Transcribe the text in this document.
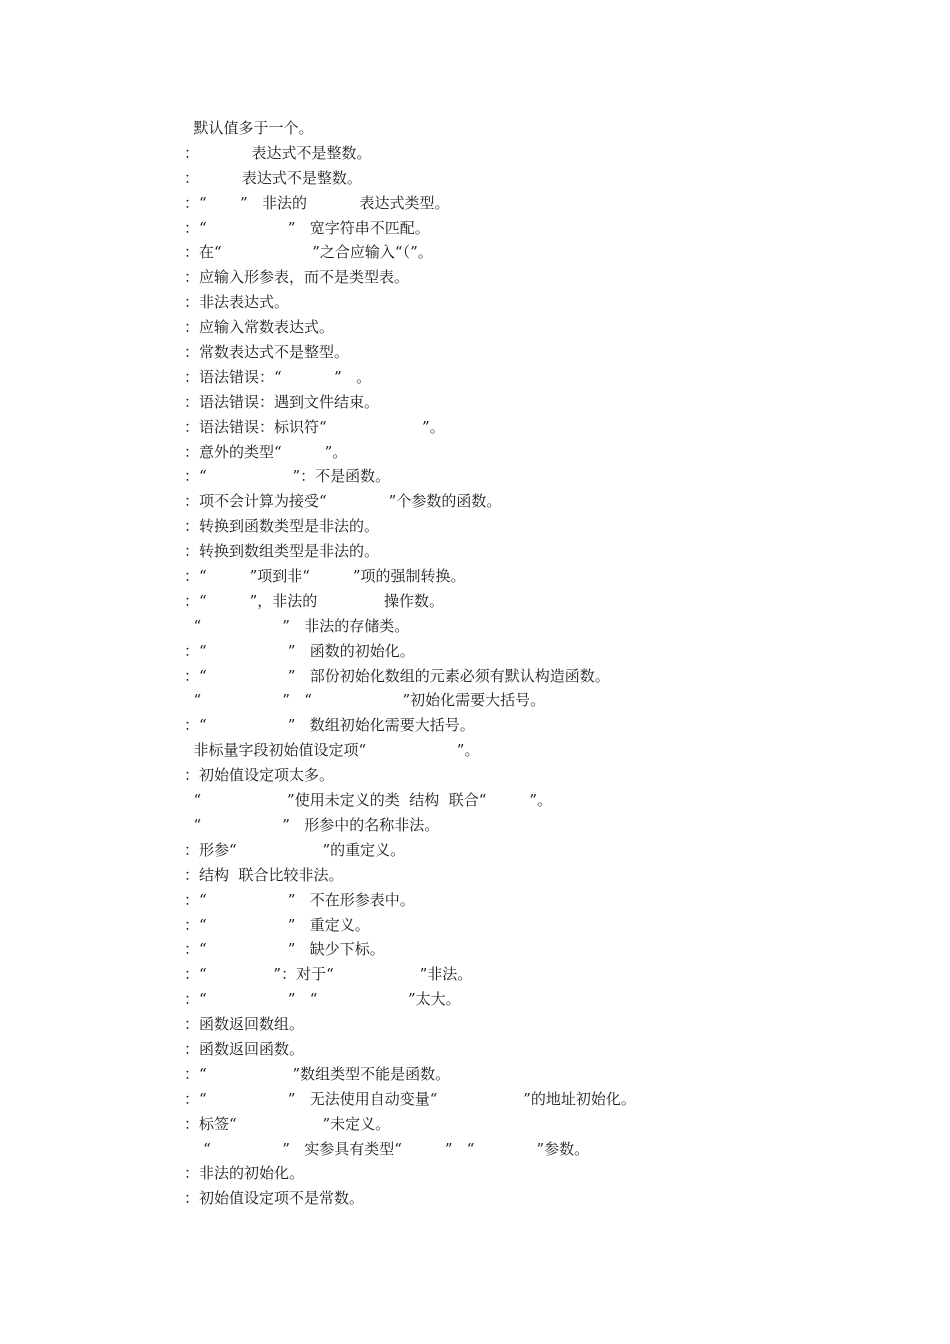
默认值多于一个。
：           表达式不是整数。
：         表达式不是整数。
：“       ”   非法的           表达式类型。
：“                 ”   宽字符串不匹配。
：在“                   ”之合应输入“（”。
：应输入形参表，而不是类型表。
：非法表达式。
：应输入常数表达式。
：常数表达式不是整型。
：语法错误：“           ”   。
：语法错误：遇到文件结束。
：语法错误：标识符“                    ”。
：意外的类型“         ”。
：“                  ”：不是函数。
：项不会计算为接受“             ”个参数的函数。
：转换到函数类型是非法的。
：转换到数组类型是非法的。
：“         ”项到非“         ”项的强制转换。
：“         ”，非法的              操作数。
“                 ”   非法的存储类。
：“                 ”   函数的初始化。
：“                 ”   部份初始化数组的元素必须有默认构造函数。
“                 ”   “                   ”初始化需要大括号。
：“                 ”   数组初始化需要大括号。
非标量字段初始值设定项“                   ”。
：初始值设定项太多。
“                  ”使用未定义的类  结构  联合“         ”。
“                 ”   形参中的名称非法。
：形参“                  ”的重定义。
：结构  联合比较非法。
：“                 ”   不在形参表中。
：“                 ”   重定义。
：“                 ”   缺少下标。
：“              ”：对于“                  ”非法。
：“                 ”   “                   ”太大。
：函数返回数组。
：函数返回函数。
：“                  ”数组类型不能是函数。
：“                 ”   无法使用自动变量“                  ”的地址初始化。
：标签“                  ”未定义。
“               ”   实参具有类型“         ”   “             ”参数。
：非法的初始化。
：初始值设定项不是常数。
